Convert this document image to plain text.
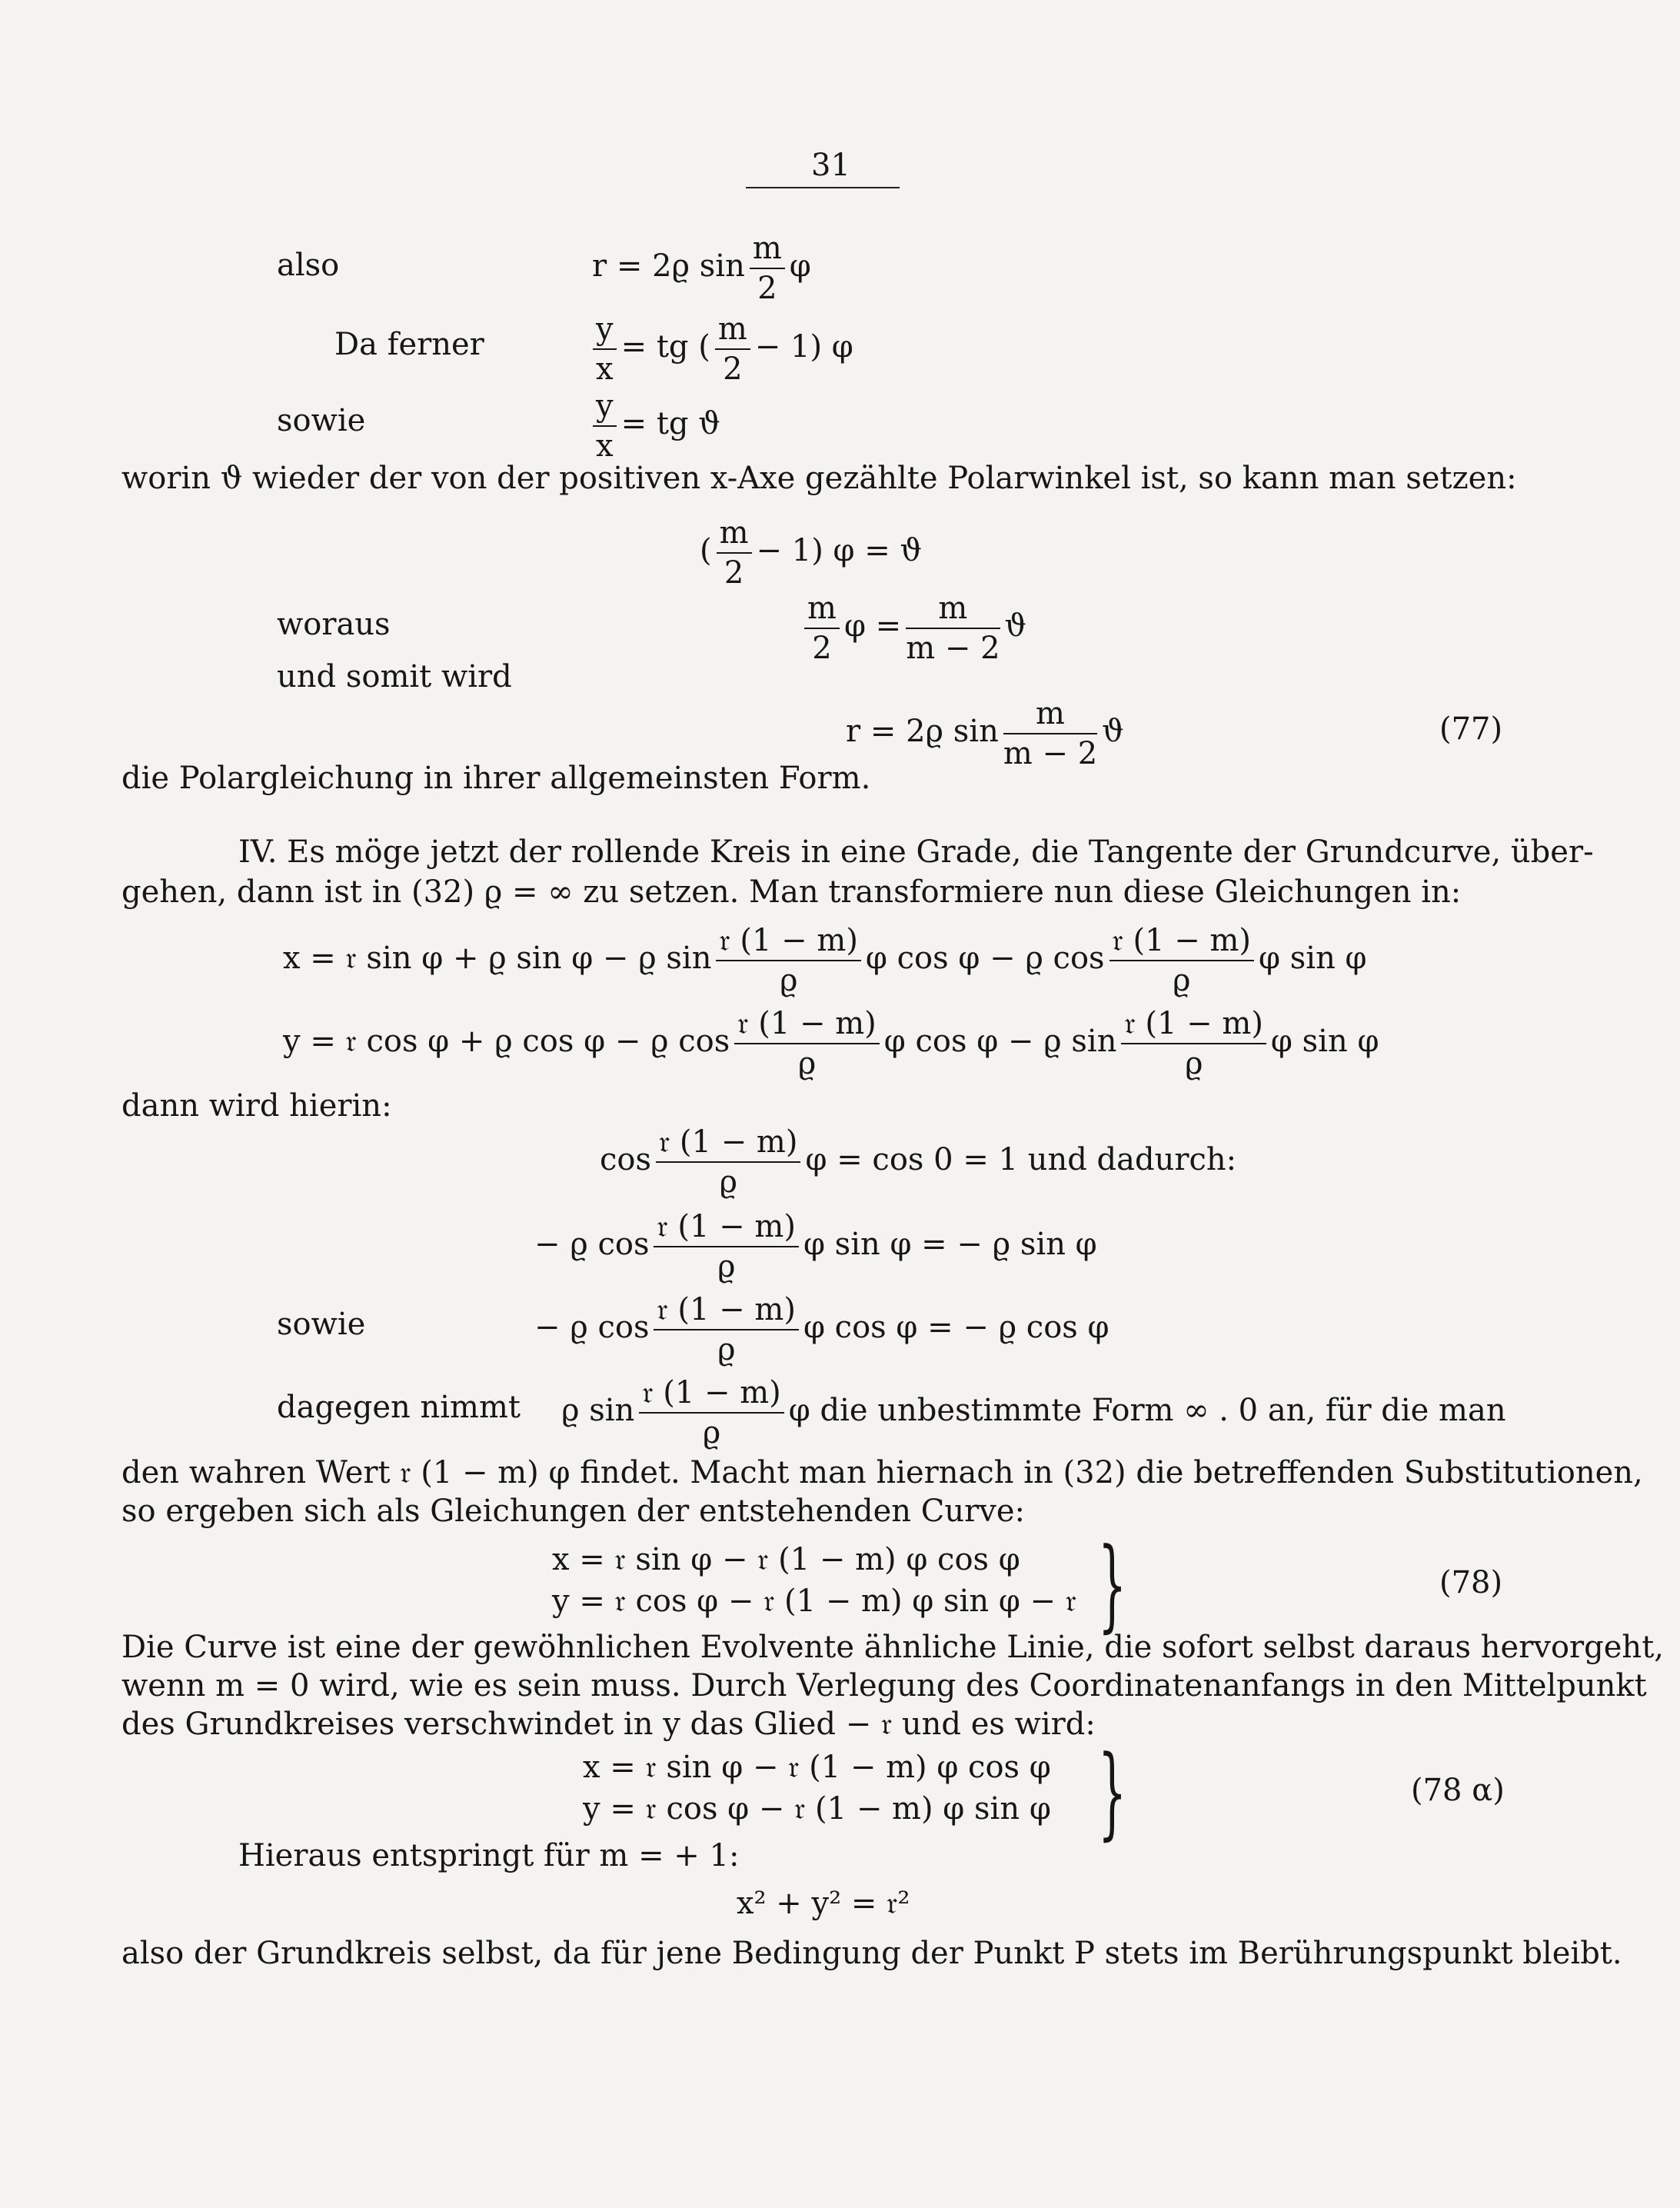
31
also	r = 2ϱ $\sin \frac{m}{2}$ φ
Da ferner	$\frac{y}{x}$ = tg ( $\frac{m}{2} - 1$) φ
sowie	$\frac{y}{x}$ = tg ϑ
worin ϑ wieder der von der positiven x-Axe gezählte Polarwinkel ist, so kann man setzen:
( $\frac{m}{2} - 1$) φ = ϑ
woraus	$\frac{m}{2}$ $\varphi = \frac{m}{m - 2}$ ϑ
und somit wird
r = 2ϱ $\sin \frac{m}{m - 2}$ ϑ	(77)
die Polargleichung in ihrer allgemeinsten Form.
IV. Es möge jetzt der rollende Kreis in eine Grade, die Tangente der Grundcurve, über-
gehen, dann ist in (32) ϱ = ∞ zu setzen. Man transformiere nun diese Gleichungen in:
x = 𝔯 sin φ + ϱ sin φ − ϱ $\sin \frac{\text{𝔯 (1 − m)}}{ϱ}$ φ cos φ − ϱ $\cos \frac{\text{𝔯 (1 − m)}}{ϱ}$ φ sin φ
y = 𝔯 cos φ + ϱ cos φ − ϱ $\cos \frac{\text{𝔯 (1 − m)}}{ϱ}$ φ cos φ − ϱ $\sin \frac{\text{𝔯 (1 − m)}}{ϱ}$ φ sin φ
dann wird hierin:
$\cos \frac{\text{𝔯 (1 − m)}}{ϱ}$ φ = cos 0 = 1 und dadurch:
− ϱ $\cos \frac{\text{𝔯 (1 − m)}}{ϱ}$ φ sin φ = − ϱ sin φ
sowie	− ϱ $\cos \frac{\text{𝔯 (1 − m)}}{ϱ}$ φ cos φ = − ϱ cos φ
dagegen nimmt ϱ $\sin \frac{\text{𝔯 (1 − m)}}{ϱ}$ φ die unbestimmte Form ∞ . 0 an, für die man
den wahren Wert 𝔯 (1 − m) φ findet. Macht man hiernach in (32) die betreffenden Substitutionen,
so ergeben sich als Gleichungen der entstehenden Curve:
x = 𝔯 sin φ − 𝔯 (1 − m) φ cos φ
y = 𝔯 cos φ − 𝔯 (1 − m) φ sin φ − 𝔯 }	(78)
Die Curve ist eine der gewöhnlichen Evolvente ähnliche Linie, die sofort selbst daraus hervorgeht,
wenn m = 0 wird, wie es sein muss. Durch Verlegung des Coordinatenanfangs in den Mittelpunkt
des Grundkreises verschwindet in y das Glied − 𝔯 und es wird:
x = 𝔯 sin φ − 𝔯 (1 − m) φ cos φ
y = 𝔯 cos φ − 𝔯 (1 − m) φ sin φ }	(78 α)
Hieraus entspringt für m = + 1:
x² + y² = 𝔯²
also der Grundkreis selbst, da für jene Bedingung der Punkt P stets im Berührungspunkt bleibt.
